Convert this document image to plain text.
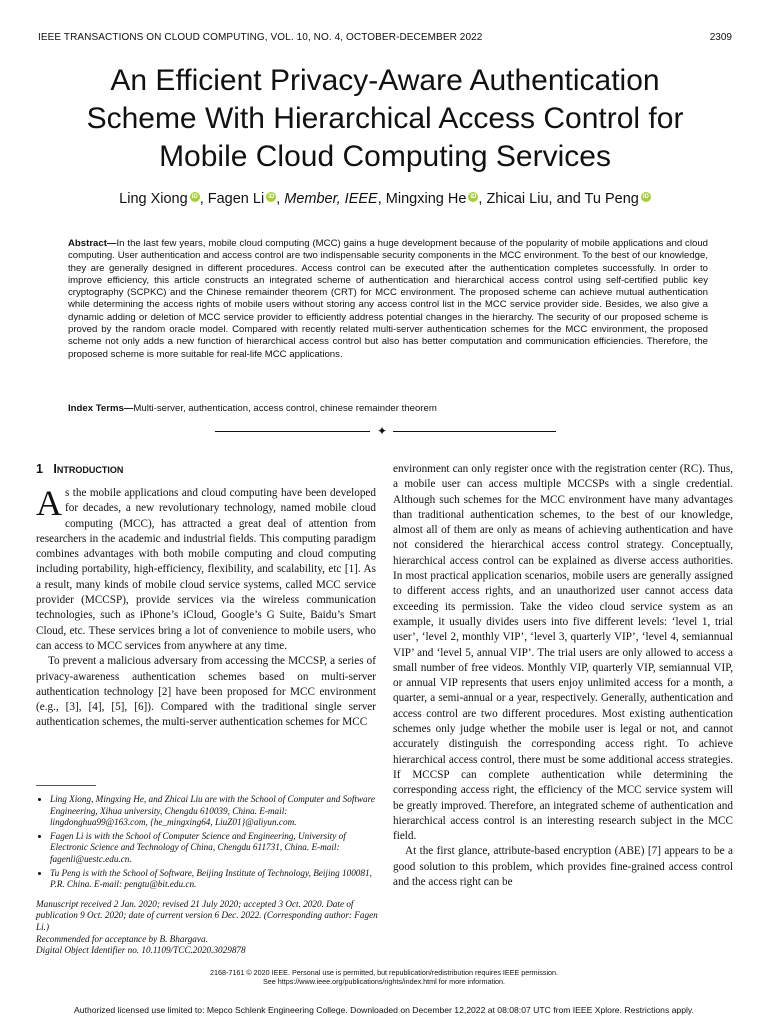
IEEE TRANSACTIONS ON CLOUD COMPUTING, VOL. 10, NO. 4, OCTOBER-DECEMBER 2022	2309
An Efficient Privacy-Aware Authentication
Scheme With Hierarchical Access Control for
Mobile Cloud Computing Services
Ling Xiong iD , Fagen Li iD , Member, IEEE, Mingxing He iD , Zhicai Liu, and Tu Peng iD
Abstract—In the last few years, mobile cloud computing (MCC) gains a huge development because of the popularity of mobile applications and cloud computing. User authentication and access control are two indispensable security components in the MCC environment. To the best of our knowledge, they are generally designed in different procedures. Access control can be executed after the authentication completes successfully. In order to improve efficiency, this article constructs an integrated scheme of authentication and hierarchical access control using self-certified public key cryptography (SCPKC) and the Chinese remainder theorem (CRT) for MCC environment. The proposed scheme can achieve mutual authentication while determining the access rights of mobile users without storing any access control list in the MCC service provider side. Besides, we also give a dynamic adding or deletion of MCC service provider to efficiently address potential changes in the hierarchy. The security of our proposed scheme is proved by the random oracle model. Compared with recently related multi-server authentication schemes for the MCC environment, the proposed scheme not only adds a new function of hierarchical access control but also has better computation and communication efficiencies. Therefore, the proposed scheme is more suitable for real-life MCC applications.
Index Terms—Multi-server, authentication, access control, chinese remainder theorem
✦
1 Introduction

As the mobile applications and cloud computing have been developed for decades, a new revolutionary technology, named mobile cloud computing (MCC), has attracted a great deal of attention from researchers in the academic and industrial fields. This computing paradigm combines advantages with both mobile computing and cloud computing including portability, high-efficiency, flexibility, and scalability, etc [1]. As a result, many kinds of mobile cloud service systems, called MCC service provider (MCCSP), provide services via the wireless communication technologies, such as iPhone’s iCloud, Google’s G Suite, Baidu’s Smart Cloud, etc. These services bring a lot of convenience to mobile users, who can access to MCC services from anywhere at any time.

To prevent a malicious adversary from accessing the MCCSP, a series of privacy-awareness authentication schemes based on multi-server authentication technology [2] have been proposed for MCC environment (e.g., [3], [4], [5], [6]). Compared with the traditional single server authentication schemes, the multi-server authentication schemes for MCC

• Ling Xiong, Mingxing He, and Zhicai Liu are with the School of Computer and Software Engineering, Xihua university, Chengdu 610039, China. E-mail: lingdonghua99@163.com, {he_mingxing64, LiuZ01}@aliyun.com.
• Fagen Li is with the School of Computer Science and Engineering, University of Electronic Science and Technology of China, Chengdu 611731, China. E-mail: fagenli@uestc.edu.cn.
• Tu Peng is with the School of Software, Beijing Institute of Technology, Beijing 100081, P.R. China. E-mail: pengtu@bit.edu.cn.

Manuscript received 2 Jan. 2020; revised 21 July 2020; accepted 3 Oct. 2020. Date of publication 9 Oct. 2020; date of current version 6 Dec. 2022. (Corresponding author: Fagen Li.)

Recommended for acceptance by B. Bhargava.

Digital Object Identifier no. 10.1109/TCC.2020.3029878

environment can only register once with the registration center (RC). Thus, a mobile user can access multiple MCCSPs with a single credential. Although such schemes for the MCC environment have many advantages than traditional authentication schemes, to the best of our knowledge, almost all of them are only as means of achieving authentication and have not considered the hierarchical access control strategy. Conceptually, hierarchical access control can be explained as diverse access authorities. In most practical application scenarios, mobile users are generally assigned to different access rights, and an unauthorized user cannot access data exceeding its permission. Take the video cloud service system as an example, it usually divides users into five different levels: ‘level 1, trial user’, ‘level 2, monthly VIP’, ‘level 3, quarterly VIP’, ‘level 4, semiannual VIP’ and ‘level 5, annual VIP’. The trial users are only allowed to access a small number of free videos. Monthly VIP, quarterly VIP, semiannual VIP, or annual VIP represents that users enjoy unlimited access for a month, a quarter, a semi-annual or a year, respectively. Generally, authentication and access control are two different procedures. Most existing authentication schemes only judge whether the mobile user is legal or not, and cannot accurately distinguish the corresponding access right. To achieve hierarchical access control, there must be some additional access strategies. If MCCSP can complete authentication while determining the corresponding access right, the efficiency of the MCC service system will be greatly improved. Therefore, an integrated scheme of authentication and hierarchical access control is an interesting research subject in the MCC field.

At the first glance, attribute-based encryption (ABE) [7] appears to be a good solution to this problem, which provides fine-grained access control and the access right can be

2168-7161 © 2020 IEEE. Personal use is permitted, but republication/redistribution requires IEEE permission.
See https://www.ieee.org/publications/rights/index.html for more information.
Authorized licensed use limited to: Mepco Schlenk Engineering College. Downloaded on December 12,2022 at 08:08:07 UTC from IEEE Xplore. Restrictions apply.
